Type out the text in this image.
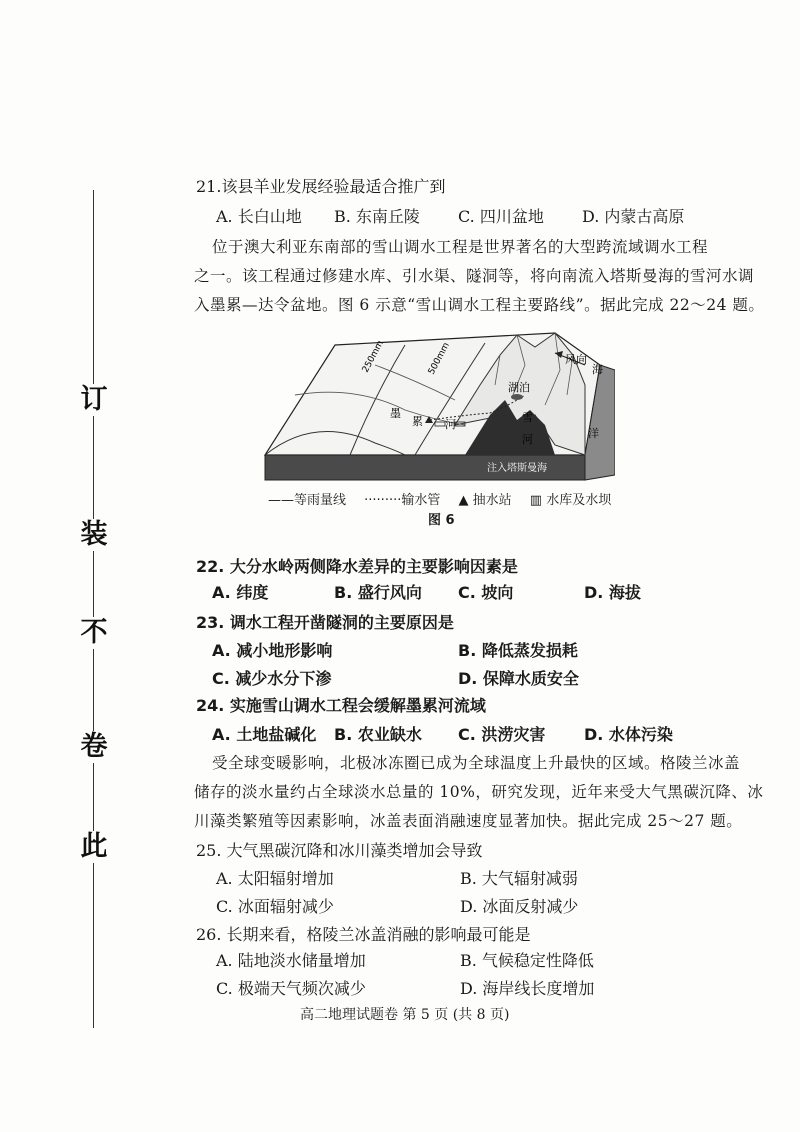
订
装
不
卷
此
21.该县羊业发展经验最适合推广到
A. 长白山地 B. 东南丘陵 C. 四川盆地 D. 内蒙古高原
位于澳大利亚东南部的雪山调水工程是世界著名的大型跨流域调水工程
之一。该工程通过修建水库、引水渠、隧洞等，将向南流入塔斯曼海的雪河水调
入墨累—达令盆地。图 6 示意“雪山调水工程主要路线”。据此完成 22～24 题。
250mm	500mm	风向
海
洋
湖泊
雪
河
墨
累 河
注入塔斯曼海
——等雨量线 ·········输水管 ▲ 抽水站 ▥ 水库及水坝
图 6
22. 大分水岭两侧降水差异的主要影响因素是
A. 纬度	B. 盛行风向 C. 坡向	D. 海拔
23. 调水工程开凿隧洞的主要原因是
A. 减小地形影响	B. 降低蒸发损耗
C. 减少水分下渗	D. 保障水质安全
24. 实施雪山调水工程会缓解墨累河流域
A. 土地盐碱化 B. 农业缺水 C. 洪涝灾害 D. 水体污染
受全球变暖影响，北极冰冻圈已成为全球温度上升最快的区域。格陵兰冰盖
储存的淡水量约占全球淡水总量的 10%，研究发现，近年来受大气黑碳沉降、冰
川藻类繁殖等因素影响，冰盖表面消融速度显著加快。据此完成 25～27 题。
25. 大气黑碳沉降和冰川藻类增加会导致
A. 太阳辐射增加	B. 大气辐射减弱
C. 冰面辐射减少	D. 冰面反射减少
26. 长期来看，格陵兰冰盖消融的影响最可能是
A. 陆地淡水储量增加	B. 气候稳定性降低
C. 极端天气频次减少	D. 海岸线长度增加
高二地理试题卷 第 5 页 (共 8 页)
